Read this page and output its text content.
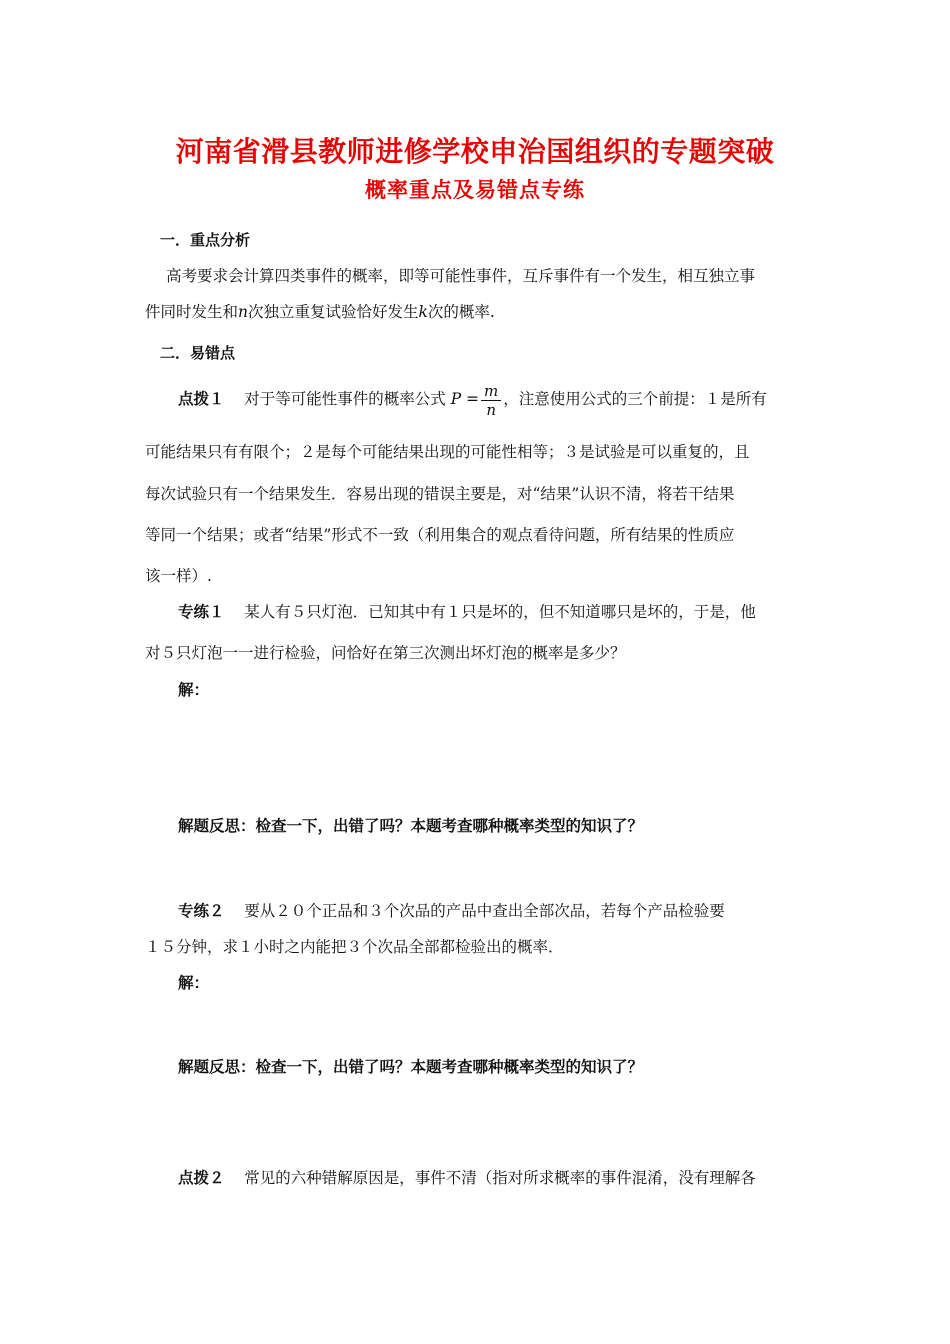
河南省滑县教师进修学校申治国组织的专题突破
概率重点及易错点专练
一．重点分析
高考要求会计算四类事件的概率，即等可能性事件，互斥事件有一个发生，相互独立事
件同时发生和n次独立重复试验恰好发生k次的概率.
二．易错点
点拨１ 对于等可能性事件的概率公式 $P = \frac{m}{n}$ ，注意使用公式的三个前提：１是所有
可能结果只有有限个；２是每个可能结果出现的可能性相等；３是试验是可以重复的，且
每次试验只有一个结果发生．容易出现的错误主要是，对“结果”认识不清，将若干结果
等同一个结果；或者“结果”形式不一致（利用集合的观点看待问题，所有结果的性质应
该一样）.
专练１ 某人有５只灯泡．已知其中有１只是坏的，但不知道哪只是坏的，于是，他
对５只灯泡一一进行检验，问恰好在第三次测出坏灯泡的概率是多少？
解：
解题反思：检查一下，出错了吗？本题考查哪种概率类型的知识了？
专练２ 要从２０个正品和３个次品的产品中查出全部次品，若每个产品检验要
１５分钟，求１小时之内能把３个次品全部都检验出的概率．
解：
解题反思：检查一下，出错了吗？本题考查哪种概率类型的知识了？
点拨２ 常见的六种错解原因是，事件不清（指对所求概率的事件混淆，没有理解各
